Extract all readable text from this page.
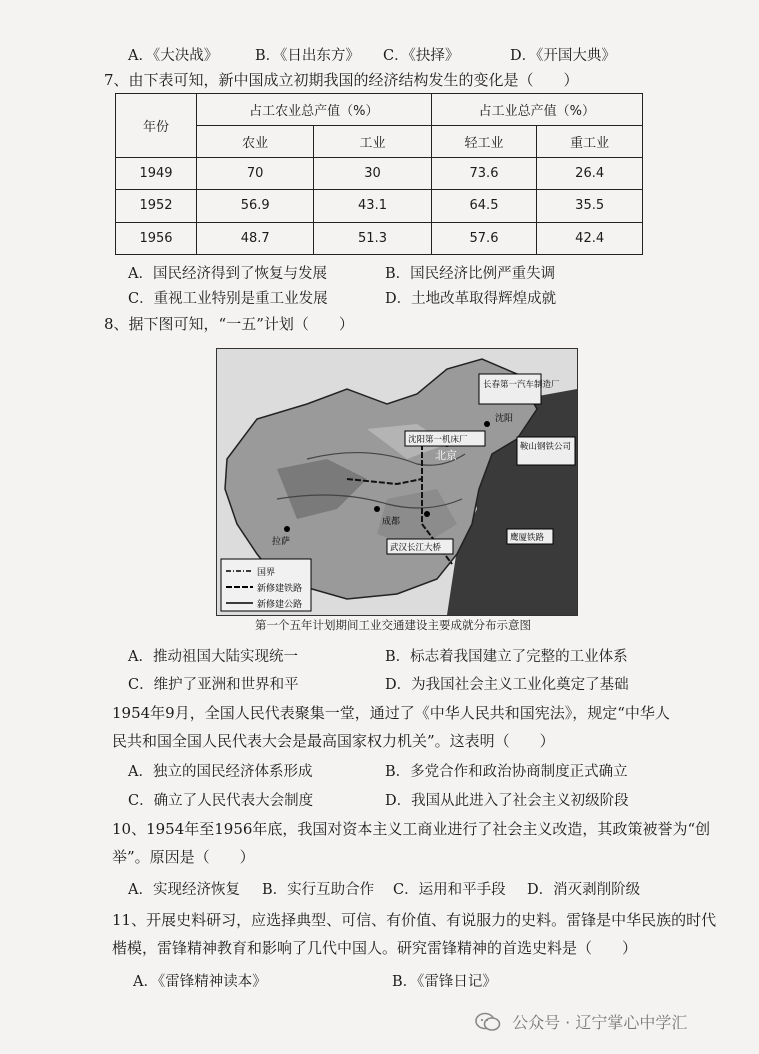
A．《大决战》	B．《日出东方》 C．《抉择》	D．《开国大典》
7、由下表可知，新中国成立初期我国的经济结构发生的变化是（　　）
年份	占工农业总产值（%）		占工业总产值（%）	
	农业	工业	轻工业	重工业
1949	70	30	73.6	26.4
1952	56.9	43.1	64.5	35.5
1956	48.7	51.3	57.6	42.4
A．国民经济得到了恢复与发展	B．国民经济比例严重失调
C．重视工业特别是重工业发展	D．土地改革取得辉煌成就
8、据下图可知，“一五”计划（　　）
长春第一汽车制造厂
沈阳第一机床厂
北京
沈阳
鞍山钢铁公司
武汉长江大桥
鹰厦铁路
成都
拉萨
国界
新修建铁路
新修建公路
第一个五年计划期间工业交通建设主要成就分布示意图
A．推动祖国大陆实现统一	B．标志着我国建立了完整的工业体系
C．维护了亚洲和世界和平	D．为我国社会主义工业化奠定了基础
1954年9月，全国人民代表聚集一堂，通过了《中华人民共和国宪法》，规定“中华人
民共和国全国人民代表大会是最高国家权力机关”。这表明（　　）
A．独立的国民经济体系形成	B．多党合作和政治协商制度正式确立
C．确立了人民代表大会制度	D．我国从此进入了社会主义初级阶段
10、1954年至1956年底，我国对资本主义工商业进行了社会主义改造，其政策被誉为“创
举”。原因是（　　）
A．实现经济恢复 B．实行互助合作 C．运用和平手段 D．消灭剥削阶级
11、开展史料研习，应选择典型、可信、有价值、有说服力的史料。雷锋是中华民族的时代
楷模，雷锋精神教育和影响了几代中国人。研究雷锋精神的首选史料是（　　）
A．《雷锋精神读本》	B．《雷锋日记》
公众号 · 辽宁掌心中学汇
